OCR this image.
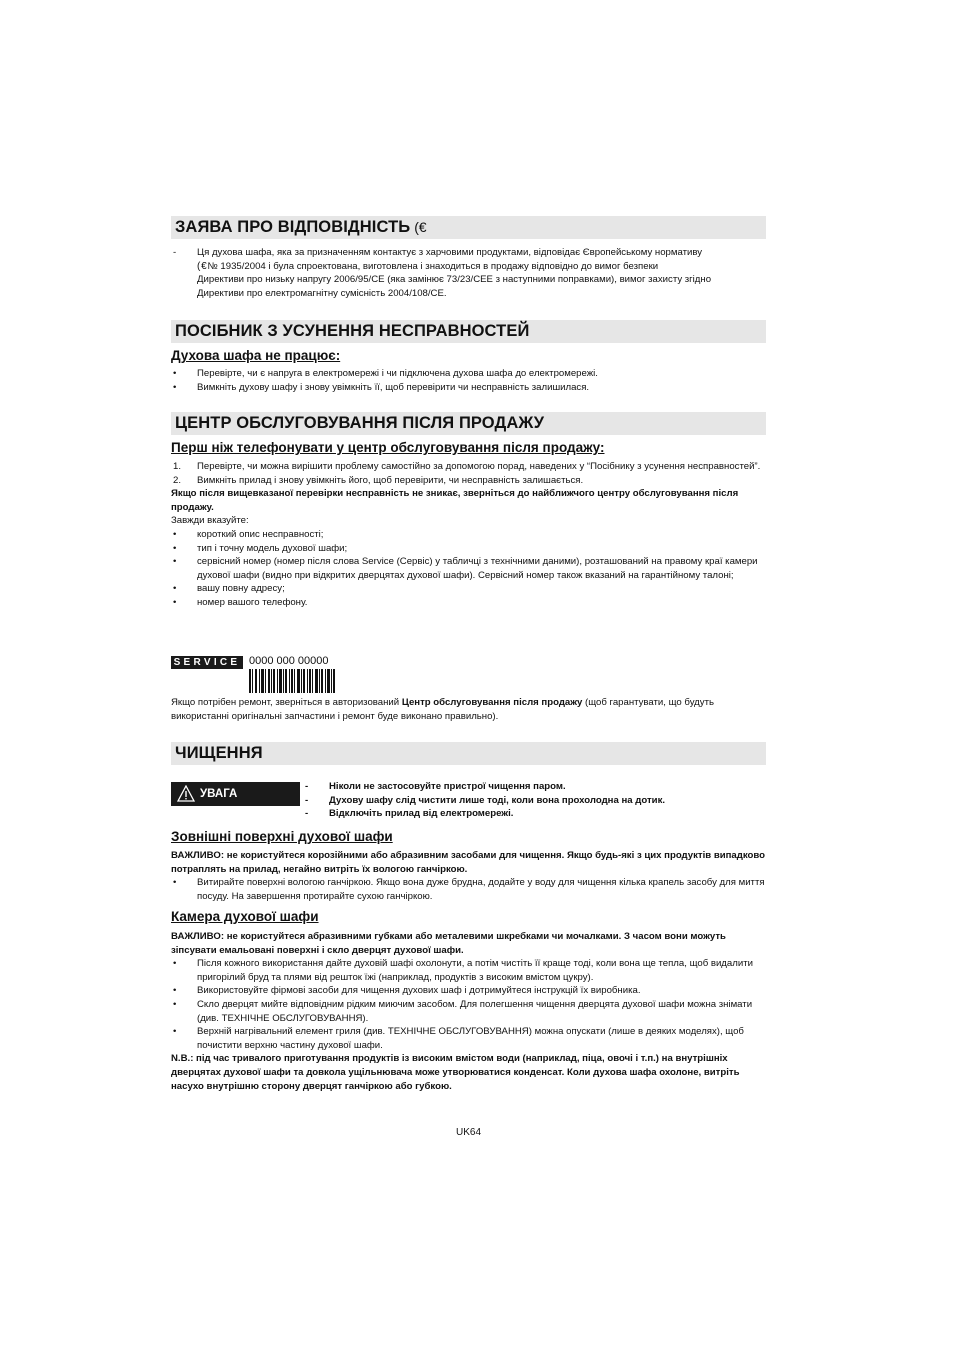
ЗАЯВА ПРО ВІДПОВІДНІСТЬ ( €
- Ця духова шафа, яка за призначенням контактує з харчовими продуктами, відповідає Європейському нормативу
( € № 1935/2004 і була спроектована, виготовлена і знаходиться в продажу відповідно до вимог безпеки
Директиви про низьку напругу 2006/95/CE (яка замінює 73/23/CEE з наступними поправками), вимог захисту згідно
Директиви про електромагнітну сумісність 2004/108/CE.
ПОСІБНИК З УСУНЕННЯ НЕСПРАВНОСТЕЙ
Духова шафа не працює:
• Перевірте, чи є напруга в електромережі і чи підключена духова шафа до електромережі.
• Вимкніть духову шафу і знову увімкніть її, щоб перевірити чи несправність залишилася.
ЦЕНТР ОБСЛУГОВУВАННЯ ПІСЛЯ ПРОДАЖУ
Перш ніж телефонувати у центр обслуговування після продажу:
1. Перевірте, чи можна вирішити проблему самостійно за допомогою порад, наведених у “Посібнику з усунення несправностей”.
2. Вимкніть прилад і знову увімкніть його, щоб перевірити, чи несправність залишається.
Якщо після вищевказаної перевірки несправність не зникає, зверніться до найближчого центру обслуговування після продажу.
Завжди вказуйте:
• короткий опис несправності;
• тип і точну модель духової шафи;
• сервісний номер (номер після слова Service (Сервіс) у табличці з технічними даними), розташований на правому краї камери духової шафи (видно при відкритих дверцятах духової шафи). Сервісний номер також вказаний на гарантійному талоні;
• вашу повну адресу;
• номер вашого телефону.
SERVICE 0000 000 00000
Якщо потрібен ремонт, зверніться в авторизований Центр обслуговування після продажу (щоб гарантувати, що будуть використанні оригінальні запчастини і ремонт буде виконано правильно).
ЧИЩЕННЯ
УВАГА
- Ніколи не застосовуйте пристрої чищення паром.
- Духову шафу слід чистити лише тоді, коли вона прохолодна на дотик.
- Відключіть прилад від електромережі.
Зовнішні поверхні духової шафи
ВАЖЛИВО: не користуйтеся корозійними або абразивним засобами для чищення. Якщо будь-які з цих продуктів випадково потраплять на прилад, негайно витріть їх вологою ганчіркою.
• Витирайте поверхні вологою ганчіркою. Якщо вона дуже брудна, додайте у воду для чищення кілька крапель засобу для миття посуду. На завершення протирайте сухою ганчіркою.
Камера духової шафи
ВАЖЛИВО: не користуйтеся абразивними губками або металевими шкребками чи мочалками. З часом вони можуть зіпсувати емальовані поверхні і скло дверцят духової шафи.
• Після кожного використання дайте духовій шафі охолонути, а потім чистіть її краще тоді, коли вона ще тепла, щоб видалити пригорілий бруд та плями від решток їжі (наприклад, продуктів з високим вмістом цукру).
• Використовуйте фірмові засоби для чищення духових шаф і дотримуйтеся інструкцій їх виробника.
• Скло дверцят мийте відповідним рідким миючим засобом. Для полегшення чищення дверцята духової шафи можна знімати (див. ТЕХНІЧНЕ ОБСЛУГОВУВАННЯ).
• Верхній нагрівальний елемент гриля (див. ТЕХНІЧНЕ ОБСЛУГОВУВАННЯ) можна опускати (лише в деяких моделях), щоб почистити верхню частину духової шафи.
N.B.: під час тривалого приготування продуктів із високим вмістом води (наприклад, піца, овочі і т.п.) на внутрішніх дверцятах духової шафи та довкола ущільнювача може утворюватися конденсат. Коли духова шафа охолоне, витріть насухо внутрішню сторону дверцят ганчіркою або губкою.
UK64
